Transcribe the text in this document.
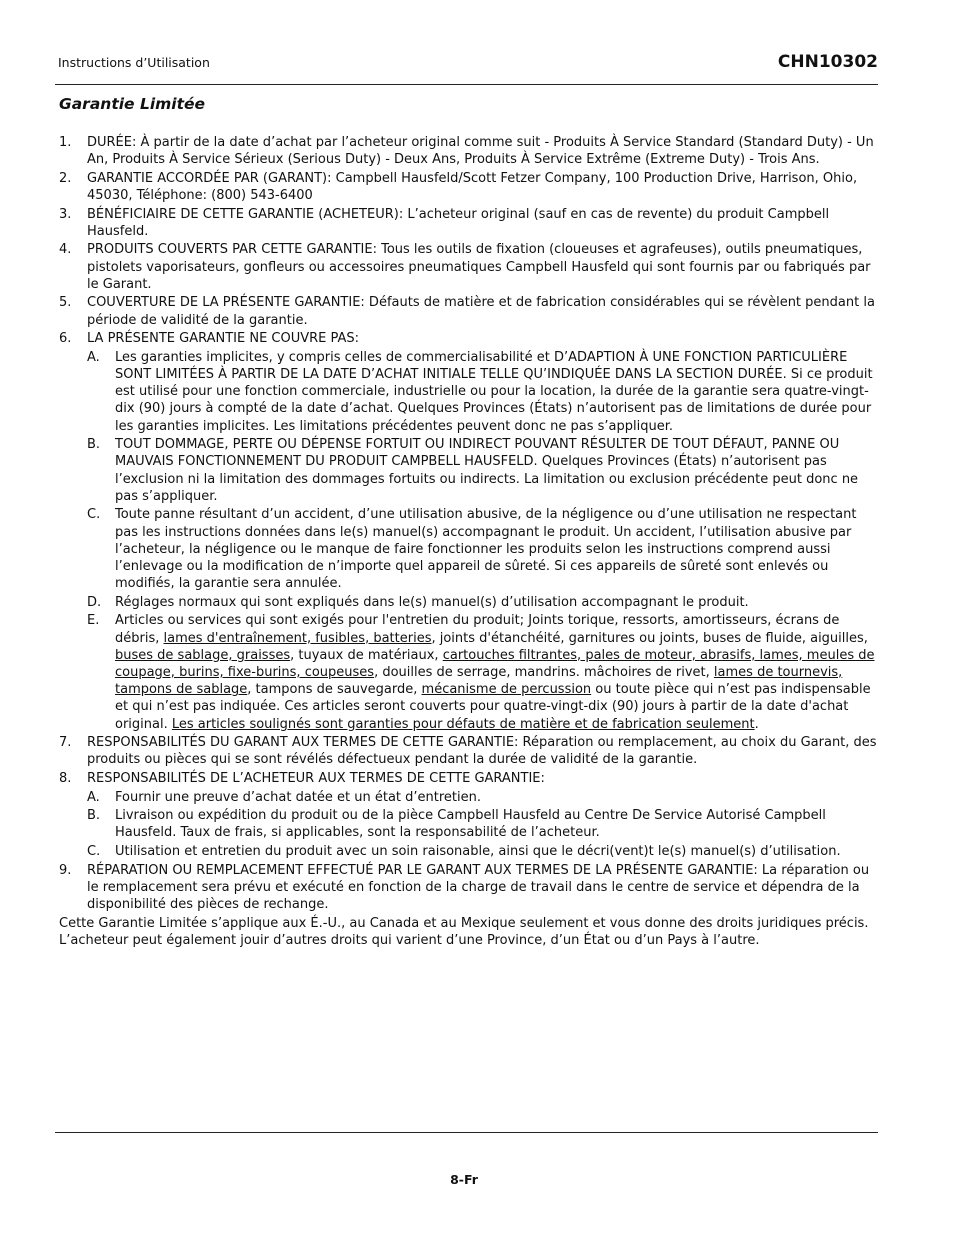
Instructions d’Utilisation	CHN10302
Garantie Limitée
1. DURÉE: À partir de la date d’achat par l’acheteur original comme suit - Produits À Service Standard (Standard Duty) - Un An, Produits À Service Sérieux (Serious Duty) - Deux Ans, Produits À Service Extrême (Extreme Duty) - Trois Ans.
2. GARANTIE ACCORDÉE PAR (GARANT): Campbell Hausfeld/Scott Fetzer Company, 100 Production Drive, Harrison, Ohio, 45030, Téléphone: (800) 543-6400
3. BÉNÉFICIAIRE DE CETTE GARANTIE (ACHETEUR): L’acheteur original (sauf en cas de revente) du produit Campbell Hausfeld.
4. PRODUITS COUVERTS PAR CETTE GARANTIE: Tous les outils de fixation (cloueuses et agrafeuses), outils pneumatiques, pistolets vaporisateurs, gonfleurs ou accessoires pneumatiques Campbell Hausfeld qui sont fournis par ou fabriqués par le Garant.
5. COUVERTURE DE LA PRÉSENTE GARANTIE: Défauts de matière et de fabrication considérables qui se révèlent pendant la période de validité de la garantie.
6. LA PRÉSENTE GARANTIE NE COUVRE PAS:
A. Les garanties implicites, y compris celles de commercialisabilité et D’ADAPTION À UNE FONCTION PARTICULIÈRE SONT LIMITÉES À PARTIR DE LA DATE D’ACHAT INITIALE TELLE QU’INDIQUÉE DANS LA SECTION DURÉE. Si ce produit est utilisé pour une fonction commerciale, industrielle ou pour la location, la durée de la garantie sera quatre-vingt-dix (90) jours à compté de la date d’achat. Quelques Provinces (États) n’autorisent pas de limitations de durée pour les garanties implicites. Les limitations précédentes peuvent donc ne pas s’appliquer.
B. TOUT DOMMAGE, PERTE OU DÉPENSE FORTUIT OU INDIRECT POUVANT RÉSULTER DE TOUT DÉFAUT, PANNE OU MAUVAIS FONCTIONNEMENT DU PRODUIT CAMPBELL HAUSFELD. Quelques Provinces (États) n’autorisent pas l’exclusion ni la limitation des dommages fortuits ou indirects. La limitation ou exclusion précédente peut donc ne pas s’appliquer.
C. Toute panne résultant d’un accident, d’une utilisation abusive, de la négligence ou d’une utilisation ne respectant pas les instructions données dans le(s) manuel(s) accompagnant le produit. Un accident, l’utilisation abusive par l’acheteur, la négligence ou le manque de faire fonctionner les produits selon les instructions comprend aussi l’enlevage ou la modification de n’importe quel appareil de sûreté. Si ces appareils de sûreté sont enlevés ou modifiés, la garantie sera annulée.
D. Réglages normaux qui sont expliqués dans le(s) manuel(s) d’utilisation accompagnant le produit.
E. Articles ou services qui sont exigés pour l'entretien du produit; Joints torique, ressorts, amortisseurs, écrans de débris, lames d'entraînement, fusibles, batteries, joints d'étanchéité, garnitures ou joints, buses de fluide, aiguilles, buses de sablage, graisses, tuyaux de matériaux, cartouches filtrantes, pales de moteur, abrasifs, lames, meules de coupage, burins, fixe-burins, coupeuses, douilles de serrage, mandrins. mâchoires de rivet, lames de tournevis, tampons de sablage, tampons de sauvegarde, mécanisme de percussion ou toute pièce qui n’est pas indispensable et qui n’est pas indiquée. Ces articles seront couverts pour quatre-vingt-dix (90) jours à partir de la date d'achat original. Les articles soulignés sont garanties pour défauts de matière et de fabrication seulement.
7. RESPONSABILITÉS DU GARANT AUX TERMES DE CETTE GARANTIE: Réparation ou remplacement, au choix du Garant, des produits ou pièces qui se sont révélés défectueux pendant la durée de validité de la garantie.
8. RESPONSABILITÉS DE L’ACHETEUR AUX TERMES DE CETTE GARANTIE:
A. Fournir une preuve d’achat datée et un état d’entretien.
B. Livraison ou expédition du produit ou de la pièce Campbell Hausfeld au Centre De Service Autorisé Campbell Hausfeld. Taux de frais, si applicables, sont la responsabilité de l’acheteur.
C. Utilisation et entretien du produit avec un soin raisonable, ainsi que le décri(vent)t le(s) manuel(s) d’utilisation.
9. RÉPARATION OU REMPLACEMENT EFFECTUÉ PAR LE GARANT AUX TERMES DE LA PRÉSENTE GARANTIE: La réparation ou le remplacement sera prévu et exécuté en fonction de la charge de travail dans le centre de service et dépendra de la disponibilité des pièces de rechange.
Cette Garantie Limitée s’applique aux É.-U., au Canada et au Mexique seulement et vous donne des droits juridiques précis. L’acheteur peut également jouir d’autres droits qui varient d’une Province, d’un État ou d’un Pays à l’autre.
8-Fr
